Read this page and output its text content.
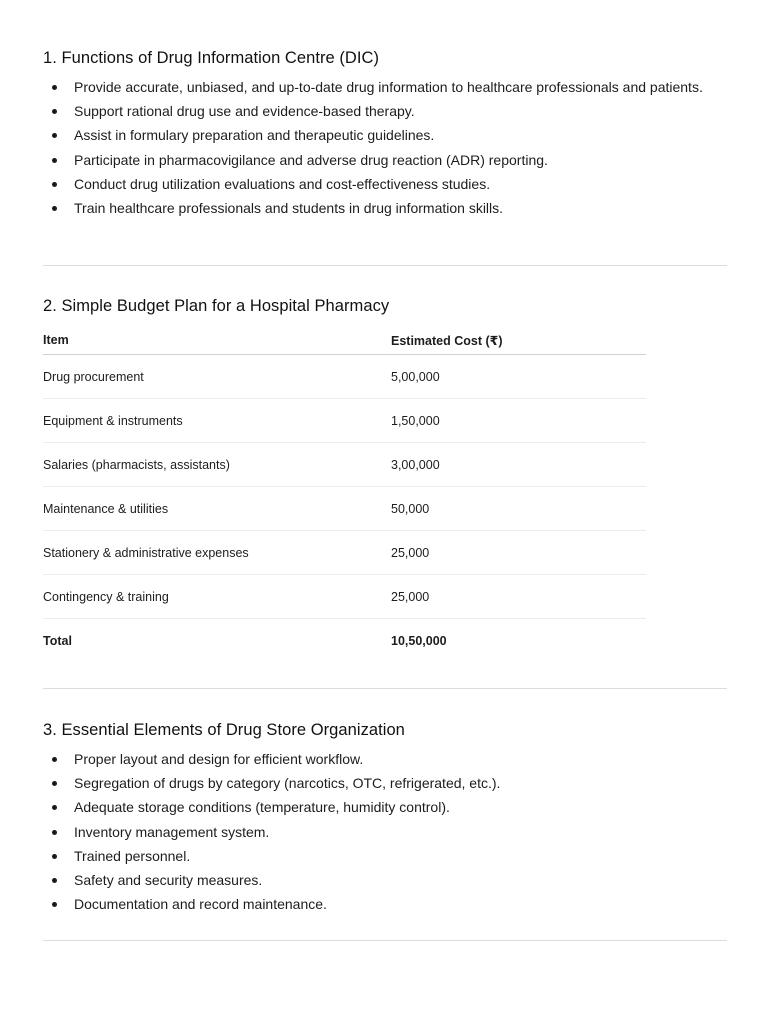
1. Functions of Drug Information Centre (DIC)
Provide accurate, unbiased, and up-to-date drug information to healthcare professionals and patients.
Support rational drug use and evidence-based therapy.
Assist in formulary preparation and therapeutic guidelines.
Participate in pharmacovigilance and adverse drug reaction (ADR) reporting.
Conduct drug utilization evaluations and cost-effectiveness studies.
Train healthcare professionals and students in drug information skills.
2. Simple Budget Plan for a Hospital Pharmacy
Item	Estimated Cost (₹)
Drug procurement	5,00,000
Equipment & instruments	1,50,000
Salaries (pharmacists, assistants)	3,00,000
Maintenance & utilities	50,000
Stationery & administrative expenses	25,000
Contingency & training	25,000
Total	10,50,000
3. Essential Elements of Drug Store Organization
Proper layout and design for efficient workflow.
Segregation of drugs by category (narcotics, OTC, refrigerated, etc.).
Adequate storage conditions (temperature, humidity control).
Inventory management system.
Trained personnel.
Safety and security measures.
Documentation and record maintenance.
